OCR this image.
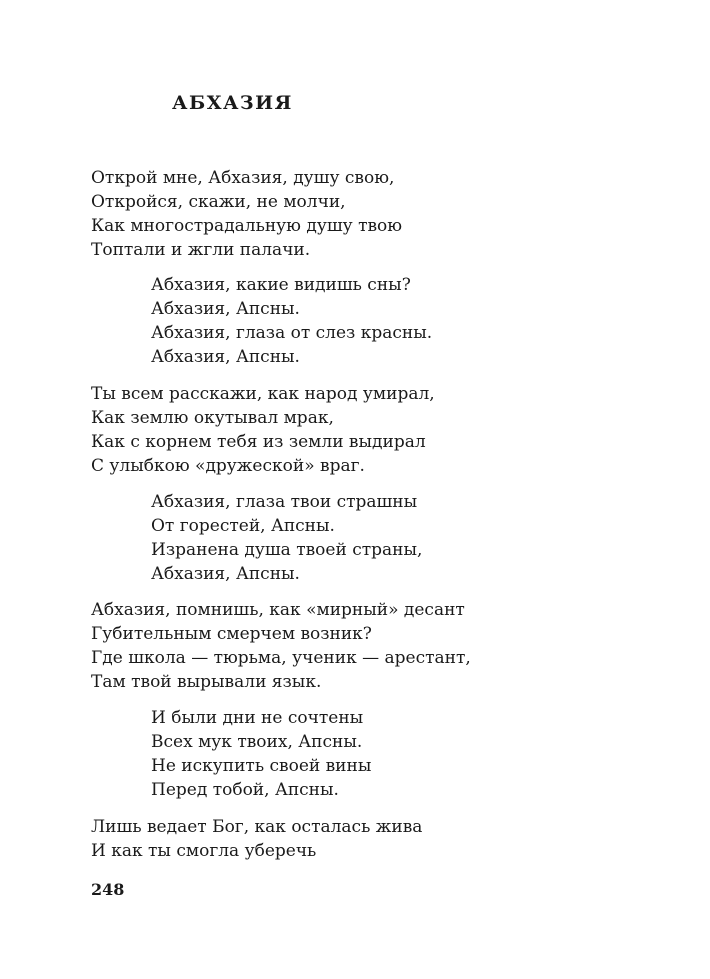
АБХАЗИЯ
Открой мне, Абхазия, душу свою,
Откройся, скажи, не молчи,
Как многострадальную душу твою
Топтали и жгли палачи.
Абхазия, какие видишь сны?
Абхазия, Апсны.
Абхазия, глаза от слез красны.
Абхазия, Апсны.
Ты всем расскажи, как народ умирал,
Как землю окутывал мрак,
Как с корнем тебя из земли выдирал
С улыбкою «дружеской» враг.
Абхазия, глаза твои страшны
От горестей, Апсны.
Изранена душа твоей страны,
Абхазия, Апсны.
Абхазия, помнишь, как «мирный» десант
Губительным смерчем возник?
Где школа — тюрьма, ученик — арестант,
Там твой вырывали язык.
И были дни не сочтены
Всех мук твоих, Апсны.
Не искупить своей вины
Перед тобой, Апсны.
Лишь ведает Бог, как осталась жива
И как ты смогла уберечь

248
